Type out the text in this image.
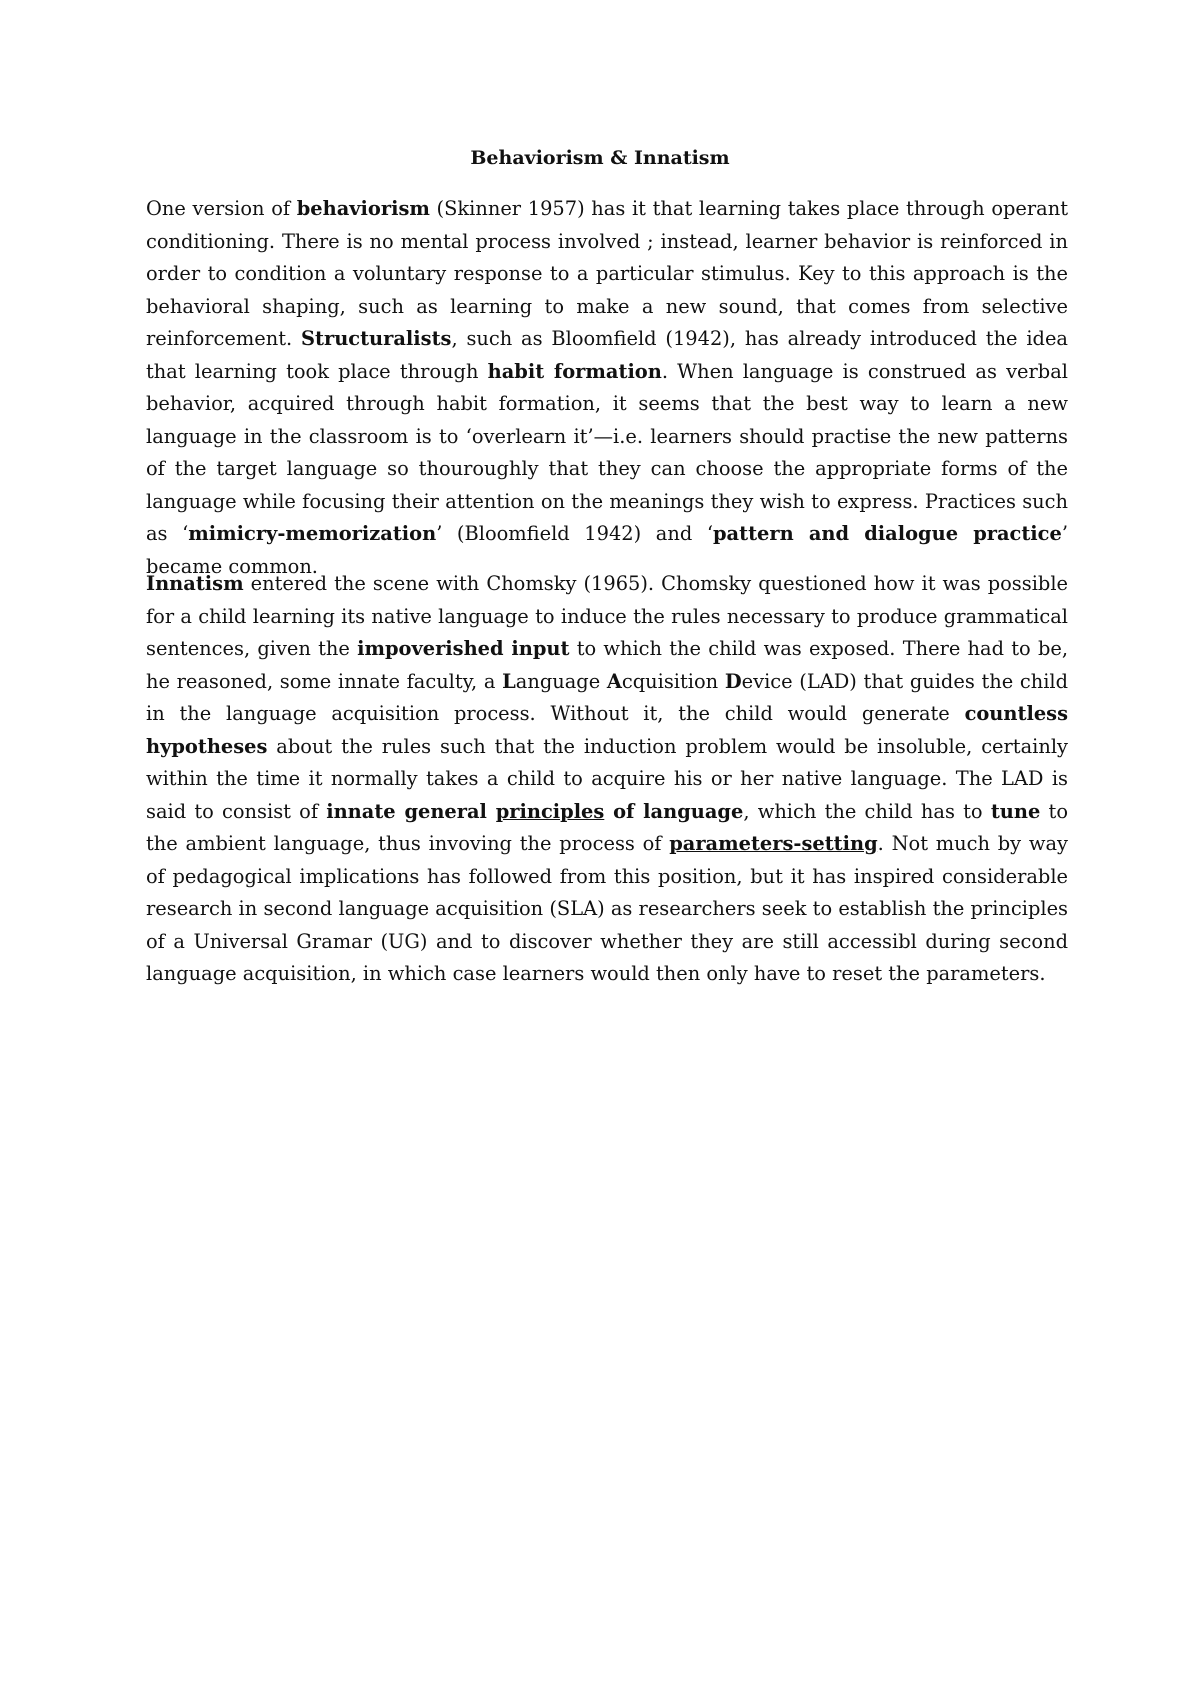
Behaviorism & Innatism

One version of behaviorism (Skinner 1957) has it that learning takes place through operant conditioning. There is no mental process involved ; instead, learner behavior is reinforced in order to condition a voluntary response to a particular stimulus. Key to this approach is the behavioral shaping, such as learning to make a new sound, that comes from selective reinforcement. Structuralists, such as Bloomfield (1942), has already introduced the idea that learning took place through habit formation. When language is construed as verbal behavior, acquired through habit formation, it seems that the best way to learn a new language in the classroom is to ‘overlearn it’—i.e. learners should practise the new patterns of the target language so thouroughly that they can choose the appropriate forms of the language while focusing their attention on the meanings they wish to express. Practices such as ‘mimicry-memorization’ (Bloomfield 1942) and ‘pattern and dialogue practice’ became common.

Innatism entered the scene with Chomsky (1965). Chomsky questioned how it was possible for a child learning its native language to induce the rules necessary to produce grammatical sentences, given the impoverished input to which the child was exposed. There had to be, he reasoned, some innate faculty, a Language Acquisition Device (LAD) that guides the child in the language acquisition process. Without it, the child would generate countless hypotheses about the rules such that the induction problem would be insoluble, certainly within the time it normally takes a child to acquire his or her native language. The LAD is said to consist of innate general principles of language, which the child has to tune to the ambient language, thus invoving the process of parameters-setting. Not much by way of pedagogical implications has followed from this position, but it has inspired considerable research in second language acquisition (SLA) as researchers seek to establish the principles of a Universal Gramar (UG) and to discover whether they are still accessibl during second language acquisition, in which case learners would then only have to reset the parameters.
